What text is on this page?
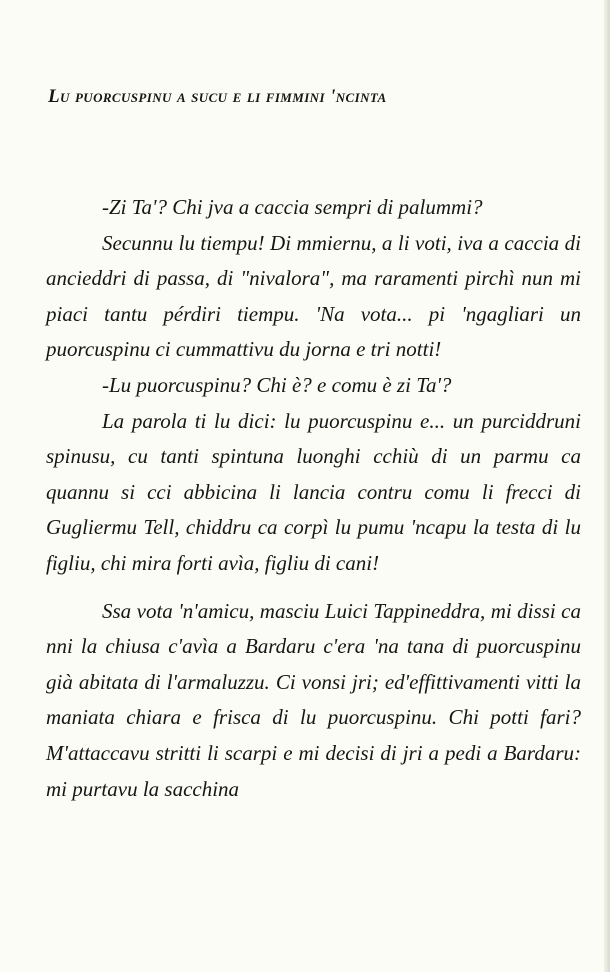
Lu puorcuspinu a sucu e li fimmini 'ncinta

-Zi Ta'? Chi jva a caccia sempri di palummi?

Secunnu lu tiempu! Di mmiernu, a li voti, iva a caccia di ancieddri di passa, di "nivalora", ma raramenti pirchì nun mi piaci tantu pérdiri tiempu. 'Na vota... pi 'ngagliari un puorcuspinu ci cummattivu du jorna e tri notti!

-Lu puorcuspinu? Chi è? e comu è zi Ta'?

La parola ti lu dici: lu puorcuspinu e... un purciddruni spinusu, cu tanti spintuna luonghi cchiù di un parmu ca quannu si cci abbicina li lancia contru comu li frecci di Gugliermu Tell, chiddru ca corpì lu pumu 'ncapu la testa di lu figliu, chi mira forti avìa, figliu di cani!

Ssa vota 'n'amicu, masciu Luici Tappineddra, mi dissi ca nni la chiusa c'avìa a Bardaru c'era 'na tana di puorcuspinu già abitata di l'armaluzzu. Ci vonsi jri; ed'effittivamenti vitti la maniata chiara e frisca di lu puorcuspinu. Chi potti fari? M'attaccavu stritti li scarpi e mi decisi di jri a pedi a Bardaru: mi purtavu la sacchina
